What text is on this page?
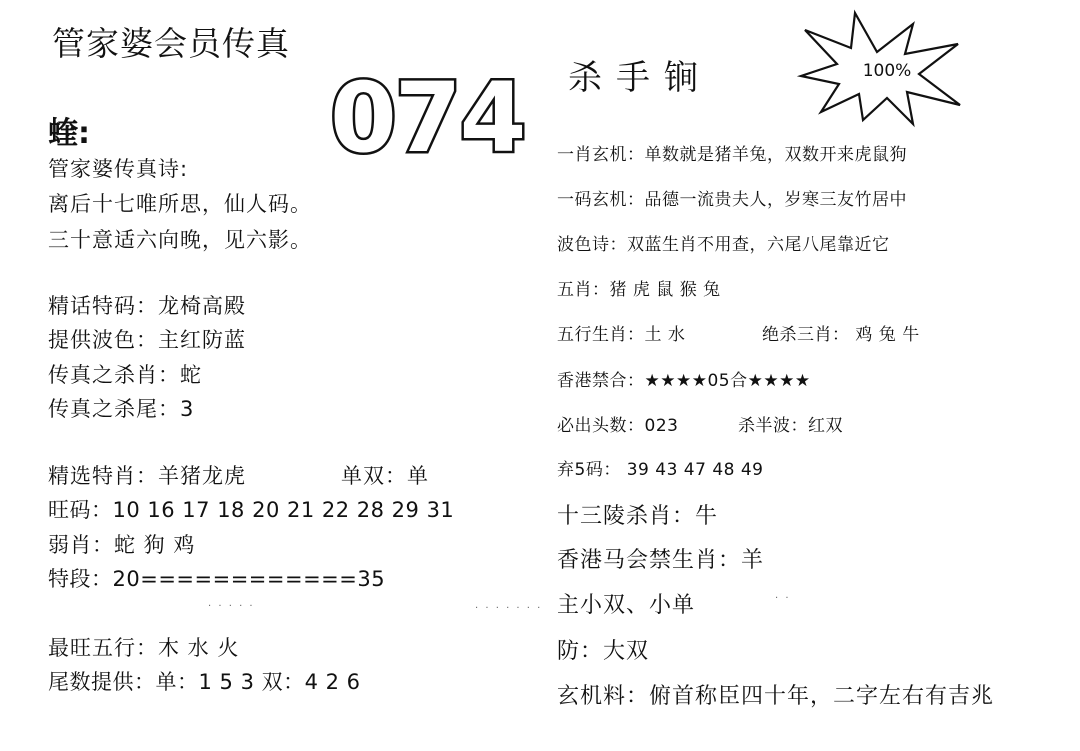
管家婆会员传真
蝰:	074
管家婆传真诗:
离后十七唯所思，仙人码。
三十意适六向晚，见六影。
精话特码：龙椅高殿
提供波色：主红防蓝
传真之杀肖：蛇
传真之杀尾：3
精选特肖：羊猪龙虎	单双：单
旺码：10 16 17 18 20 21 22 28 29 31
弱肖：蛇 狗 鸡
特段：20============35
· · · · ·	· · · · · · ·
最旺五行：木 水 火
尾数提供：单：1 5 3 双：4 2 6
杀手锏	100%
一肖玄机：单数就是猪羊兔，双数开来虎鼠狗
一码玄机：品德一流贵夫人，岁寒三友竹居中
波色诗：双蓝生肖不用查，六尾八尾靠近它
五肖：猪 虎 鼠 猴 兔
五行生肖：土 水	绝杀三肖： 鸡 兔 牛
香港禁合：★★★★05合★★★★
必出头数：023	杀半波：红双
弃5码： 39 43 47 48 49
十三陵杀肖：牛
香港马会禁生肖：羊
主小双、小单	· ·
防：大双
玄机料：俯首称臣四十年，二字左右有吉兆
